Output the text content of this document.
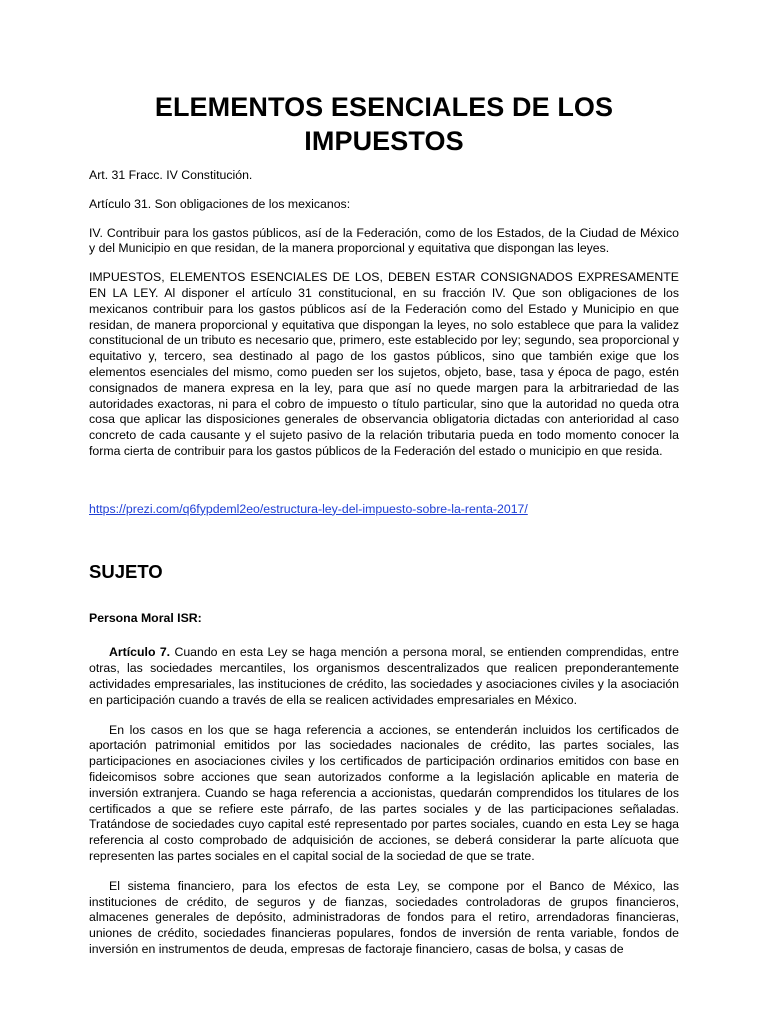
ELEMENTOS ESENCIALES DE LOS IMPUESTOS

Art. 31 Fracc. IV Constitución.

Artículo 31. Son obligaciones de los mexicanos:

IV. Contribuir para los gastos públicos, así de la Federación, como de los Estados, de la Ciudad de México y del Municipio en que residan, de la manera proporcional y equitativa que dispongan las leyes.

IMPUESTOS, ELEMENTOS ESENCIALES DE LOS, DEBEN ESTAR CONSIGNADOS EXPRESAMENTE EN LA LEY. Al disponer el artículo 31 constitucional, en su fracción IV. Que son obligaciones de los mexicanos contribuir para los gastos públicos así de la Federación como del Estado y Municipio en que residan, de manera proporcional y equitativa que dispongan la leyes, no solo establece que para la validez constitucional de un tributo es necesario que, primero, este establecido por ley; segundo, sea proporcional y equitativo y, tercero, sea destinado al pago de los gastos públicos, sino que también exige que los elementos esenciales del mismo, como pueden ser los sujetos, objeto, base, tasa y época de pago, estén consignados de manera expresa en la ley, para que así no quede margen para la arbitrariedad de las autoridades exactoras, ni para el cobro de impuesto o título particular, sino que la autoridad no queda otra cosa que aplicar las disposiciones generales de observancia obligatoria dictadas con anterioridad al caso concreto de cada causante y el sujeto pasivo de la relación tributaria pueda en todo momento conocer la forma cierta de contribuir para los gastos públicos de la Federación del estado o municipio en que resida.

https://prezi.com/q6fypdeml2eo/estructura-ley-del-impuesto-sobre-la-renta-2017/

SUJETO

Persona Moral ISR:

Artículo 7. Cuando en esta Ley se haga mención a persona moral, se entienden comprendidas, entre otras, las sociedades mercantiles, los organismos descentralizados que realicen preponderantemente actividades empresariales, las instituciones de crédito, las sociedades y asociaciones civiles y la asociación en participación cuando a través de ella se realicen actividades empresariales en México.

En los casos en los que se haga referencia a acciones, se entenderán incluidos los certificados de aportación patrimonial emitidos por las sociedades nacionales de crédito, las partes sociales, las participaciones en asociaciones civiles y los certificados de participación ordinarios emitidos con base en fideicomisos sobre acciones que sean autorizados conforme a la legislación aplicable en materia de inversión extranjera. Cuando se haga referencia a accionistas, quedarán comprendidos los titulares de los certificados a que se refiere este párrafo, de las partes sociales y de las participaciones señaladas. Tratándose de sociedades cuyo capital esté representado por partes sociales, cuando en esta Ley se haga referencia al costo comprobado de adquisición de acciones, se deberá considerar la parte alícuota que representen las partes sociales en el capital social de la sociedad de que se trate.

El sistema financiero, para los efectos de esta Ley, se compone por el Banco de México, las instituciones de crédito, de seguros y de fianzas, sociedades controladoras de grupos financieros, almacenes generales de depósito, administradoras de fondos para el retiro, arrendadoras financieras, uniones de crédito, sociedades financieras populares, fondos de inversión de renta variable, fondos de inversión en instrumentos de deuda, empresas de factoraje financiero, casas de bolsa, y casas de
